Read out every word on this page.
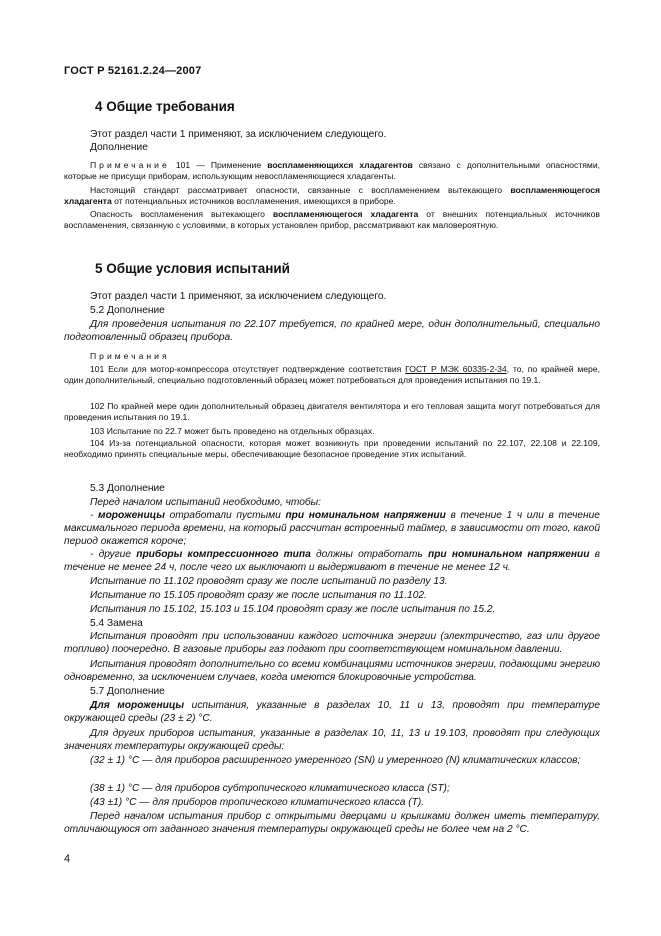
ГОСТ Р 52161.2.24—2007
4 Общие требования

Этот раздел части 1 применяют, за исключением следующего.

Дополнение

Примечание 101 — Применение воспламеняющихся хладагентов связано с дополнительными опасностями, которые не присущи приборам, использующим невоспламеняющиеся хладагенты.

Настоящий стандарт рассматривает опасности, связанные с воспламенением вытекающего воспламеняющегося хладагента от потенциальных источников воспламенения, имеющихся в приборе.

Опасность воспламенения вытекающего воспламеняющегося хладагента от внешних потенциальных источников воспламенения, связанную с условиями, в которых установлен прибор, рассматривают как маловероятную.

5 Общие условия испытаний

Этот раздел части 1 применяют, за исключением следующего.

5.2 Дополнение

Для проведения испытания по 22.107 требуется, по крайней мере, один дополнительный, специально подготовленный образец прибора.

Примечания

101 Если для мотор-компрессора отсутствует подтверждение соответствия ГОСТ Р МЭК 60335-2-34, то, по крайней мере, один дополнительный, специально подготовленный образец может потребоваться для проведения испытания по 19.1.

102 По крайней мере один дополнительный образец двигателя вентилятора и его тепловая защита могут потребоваться для проведения испытания по 19.1.

103 Испытание по 22.7 может быть проведено на отдельных образцах.

104 Из-за потенциальной опасности, которая может возникнуть при проведении испытаний по 22.107, 22.108 и 22.109, необходимо принять специальные меры, обеспечивающие безопасное проведение этих испытаний.

5.3 Дополнение

Перед началом испытаний необходимо, чтобы:

- мороженицы отработали пустыми при номинальном напряжении в течение 1 ч или в течение максимального периода времени, на который рассчитан встроенный таймер, в зависимости от того, какой период окажется короче;

- другие приборы компрессионного типа должны отработать при номинальном напряжении в течение не менее 24 ч, после чего их выключают и выдерживают в течение не менее 12 ч.

Испытание по 11.102 проводят сразу же после испытаний по разделу 13.

Испытание по 15.105 проводят сразу же после испытания по 11.102.

Испытания по 15.102, 15.103 и 15.104 проводят сразу же после испытания по 15.2.

5.4 Замена

Испытания проводят при использовании каждого источника энергии (электричество, газ или другое топливо) поочередно. В газовые приборы газ подают при соответствующем номинальном давлении.

Испытания проводят дополнительно со всеми комбинациями источников энергии, подающими энергию одновременно, за исключением случаев, когда имеются блокировочные устройства.

5.7 Дополнение

Для мороженицы испытания, указанные в разделах 10, 11 и 13, проводят при температуре окружающей среды (23 ± 2) °С.

Для других приборов испытания, указанные в разделах 10, 11, 13 и 19.103, проводят при следующих значениях температуры окружающей среды:

(32 ± 1) °С — для приборов расширенного умеренного (SN) и умеренного (N) климатических классов;

(38 ± 1) °С — для приборов субтропического климатического класса (ST);

(43 ±1) °С — для приборов тропического климатического класса (Т).

Перед началом испытания прибор с открытыми дверцами и крышками должен иметь температуру, отличающуюся от заданного значения температуры окружающей среды не более чем на 2 °С.

4
